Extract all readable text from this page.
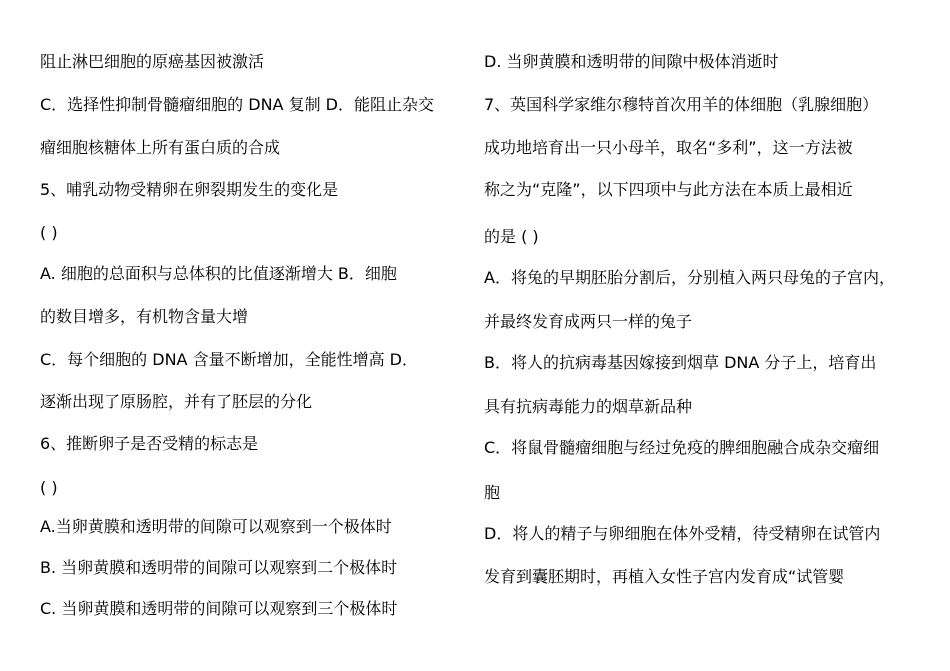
阻止淋巴细胞的原癌基因被激活
C．选择性抑制骨髓瘤细胞的 DNA 复制 D．能阻止杂交
瘤细胞核糖体上所有蛋白质的合成
5、哺乳动物受精卵在卵裂期发生的变化是
( )
A. 细胞的总面积与总体积的比值逐渐增大 B．细胞
的数目增多，有机物含量大增
C．每个细胞的 DNA 含量不断增加，全能性增高 D．
逐渐出现了原肠腔，并有了胚层的分化
6、推断卵子是否受精的标志是
( )
A.当卵黄膜和透明带的间隙可以观察到一个极体时
B. 当卵黄膜和透明带的间隙可以观察到二个极体时
C. 当卵黄膜和透明带的间隙可以观察到三个极体时
D. 当卵黄膜和透明带的间隙中极体消逝时
7、英国科学家维尔穆特首次用羊的体细胞（乳腺细胞）
成功地培育出一只小母羊，取名“多利”，这一方法被
称之为“克隆”，以下四项中与此方法在本质上最相近
的是 ( )
A．将兔的早期胚胎分割后，分别植入两只母兔的子宫内，
并最终发育成两只一样的兔子
B．将人的抗病毒基因嫁接到烟草 DNA 分子上，培育出
具有抗病毒能力的烟草新品种
C．将鼠骨髓瘤细胞与经过免疫的脾细胞融合成杂交瘤细
胞
D．将人的精子与卵细胞在体外受精，待受精卵在试管内
发育到囊胚期时，再植入女性子宫内发育成“试管婴
